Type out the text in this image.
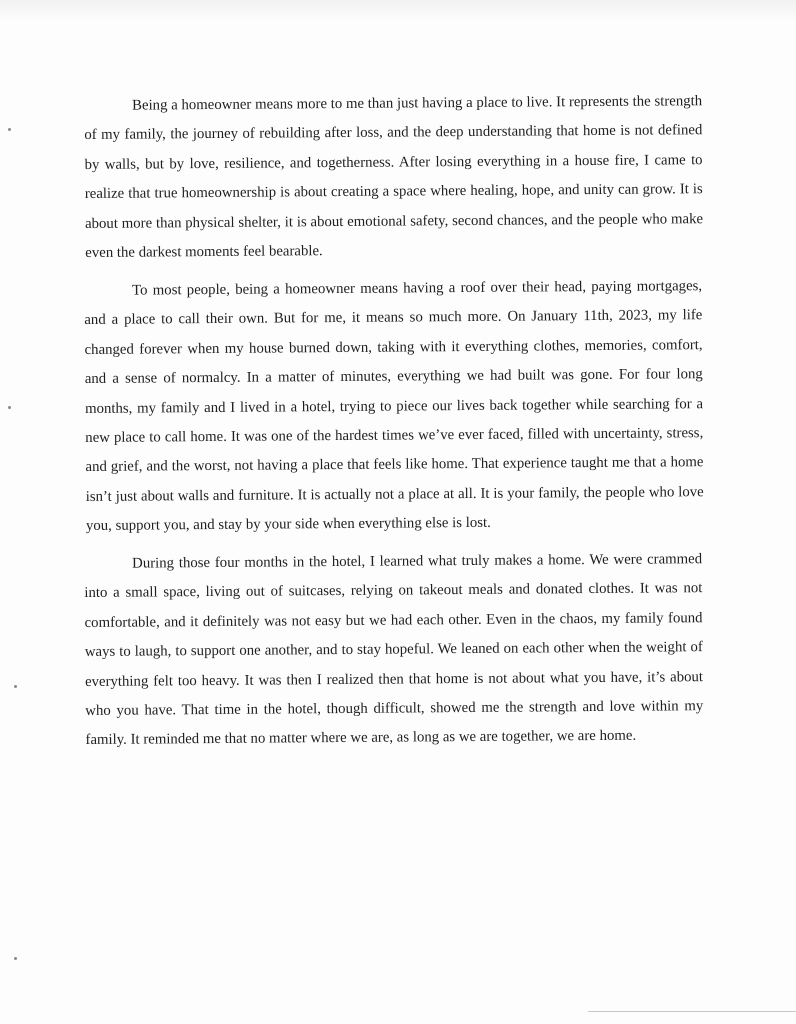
Being a homeowner means more to me than just having a place to live. It represents the strength of my family, the journey of rebuilding after loss, and the deep understanding that home is not defined by walls, but by love, resilience, and togetherness. After losing everything in a house fire, I came to realize that true homeownership is about creating a space where healing, hope, and unity can grow. It is about more than physical shelter, it is about emotional safety, second chances, and the people who make even the darkest moments feel bearable.

To most people, being a homeowner means having a roof over their head, paying mortgages, and a place to call their own. But for me, it means so much more. On January 11th, 2023, my life changed forever when my house burned down, taking with it everything clothes, memories, comfort, and a sense of normalcy. In a matter of minutes, everything we had built was gone. For four long months, my family and I lived in a hotel, trying to piece our lives back together while searching for a new place to call home. It was one of the hardest times we’ve ever faced, filled with uncertainty, stress, and grief, and the worst, not having a place that feels like home. That experience taught me that a home isn’t just about walls and furniture. It is actually not a place at all. It is your family, the people who love you, support you, and stay by your side when everything else is lost.

During those four months in the hotel, I learned what truly makes a home. We were crammed into a small space, living out of suitcases, relying on takeout meals and donated clothes. It was not comfortable, and it definitely was not easy but we had each other. Even in the chaos, my family found ways to laugh, to support one another, and to stay hopeful. We leaned on each other when the weight of everything felt too heavy. It was then I realized then that home is not about what you have, it’s about who you have. That time in the hotel, though difficult, showed me the strength and love within my family. It reminded me that no matter where we are, as long as we are together, we are home.
